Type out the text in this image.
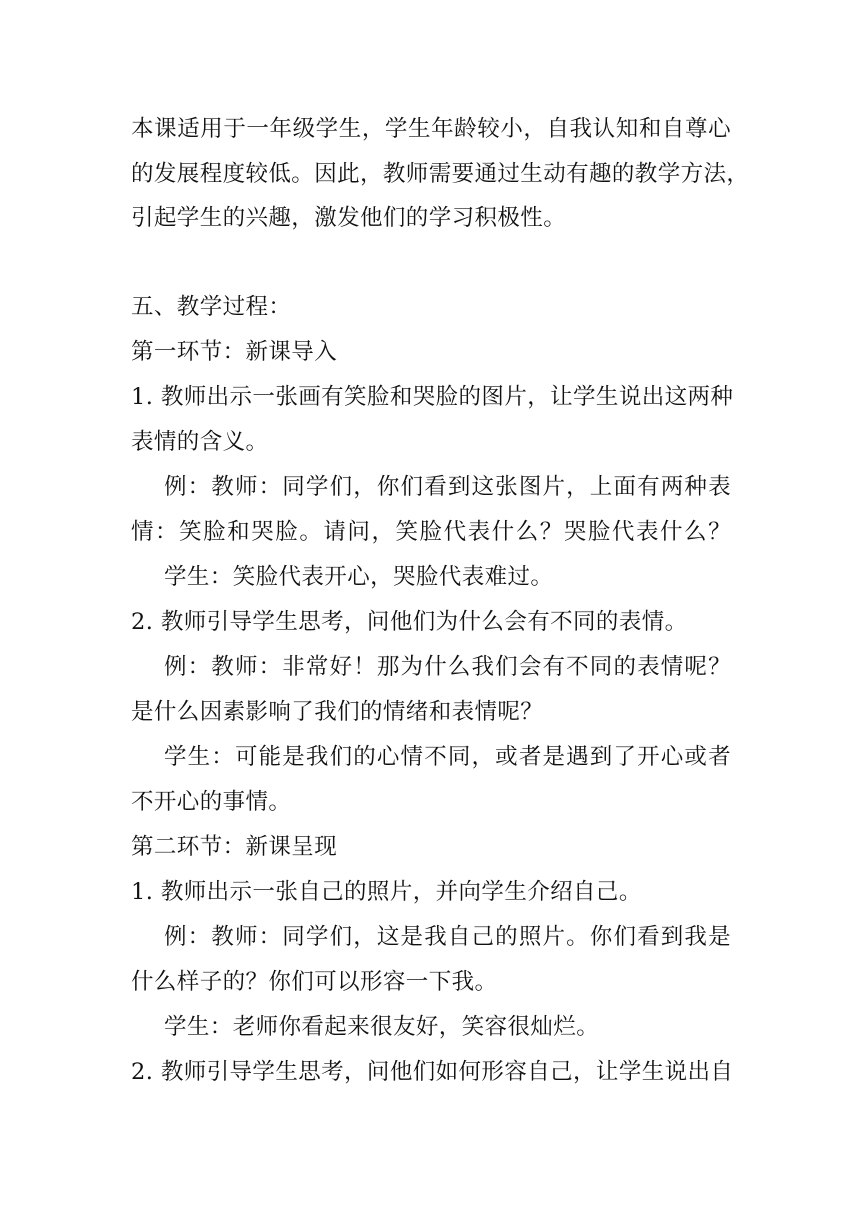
本课适用于一年级学生，学生年龄较小，自我认知和自尊心
的发展程度较低。因此，教师需要通过生动有趣的教学方法，
引起学生的兴趣，激发他们的学习积极性。
五、教学过程：
第一环节：新课导入
1. 教师出示一张画有笑脸和哭脸的图片，让学生说出这两种
表情的含义。
例：教师：同学们，你们看到这张图片，上面有两种表
情：笑脸和哭脸。请问，笑脸代表什么？哭脸代表什么？
学生：笑脸代表开心，哭脸代表难过。
2. 教师引导学生思考，问他们为什么会有不同的表情。
例：教师：非常好！那为什么我们会有不同的表情呢？
是什么因素影响了我们的情绪和表情呢？
学生：可能是我们的心情不同，或者是遇到了开心或者
不开心的事情。
第二环节：新课呈现
1. 教师出示一张自己的照片，并向学生介绍自己。
例：教师：同学们，这是我自己的照片。你们看到我是
什么样子的？你们可以形容一下我。
学生：老师你看起来很友好，笑容很灿烂。
2. 教师引导学生思考，问他们如何形容自己，让学生说出自
